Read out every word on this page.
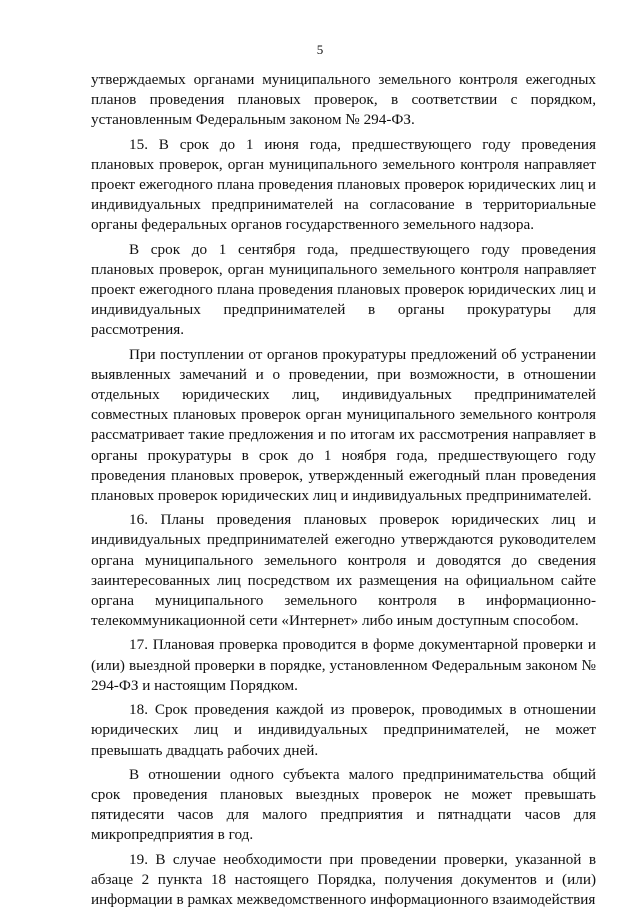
5

утверждаемых органами муниципального земельного контроля ежегодных планов проведения плановых проверок, в соответствии с порядком, установленным Федеральным законом № 294-ФЗ.

15. В срок до 1 июня года, предшествующего году проведения плановых проверок, орган муниципального земельного контроля направляет проект ежегодного плана проведения плановых проверок юридических лиц и индивидуальных предпринимателей на согласование в территориальные органы федеральных органов государственного земельного надзора.

В срок до 1 сентября года, предшествующего году проведения плановых проверок, орган муниципального земельного контроля направляет проект ежегодного плана проведения плановых проверок юридических лиц и индивидуальных предпринимателей в органы прокуратуры для рассмотрения.

При поступлении от органов прокуратуры предложений об устранении выявленных замечаний и о проведении, при возможности, в отношении отдельных юридических лиц, индивидуальных предпринимателей совместных плановых проверок орган муниципального земельного контроля рассматривает такие предложения и по итогам их рассмотрения направляет в органы прокуратуры в срок до 1 ноября года, предшествующего году проведения плановых проверок, утвержденный ежегодный план проведения плановых проверок юридических лиц и индивидуальных предпринимателей.

16. Планы проведения плановых проверок юридических лиц и индивидуальных предпринимателей ежегодно утверждаются руководителем органа муниципального земельного контроля и доводятся до сведения заинтересованных лиц посредством их размещения на официальном сайте органа муниципального земельного контроля в информационно-телекоммуникационной сети «Интернет» либо иным доступным способом.

17. Плановая проверка проводится в форме документарной проверки и (или) выездной проверки в порядке, установленном Федеральным законом № 294-ФЗ и настоящим Порядком.

18. Срок проведения каждой из проверок, проводимых в отношении юридических лиц и индивидуальных предпринимателей, не может превышать двадцать рабочих дней.

В отношении одного субъекта малого предпринимательства общий срок проведения плановых выездных проверок не может превышать пятидесяти часов для малого предприятия и пятнадцати часов для микропредприятия в год.

19. В случае необходимости при проведении проверки, указанной в абзаце 2 пункта 18 настоящего Порядка, получения документов и (или) информации в рамках межведомственного информационного взаимодействия
